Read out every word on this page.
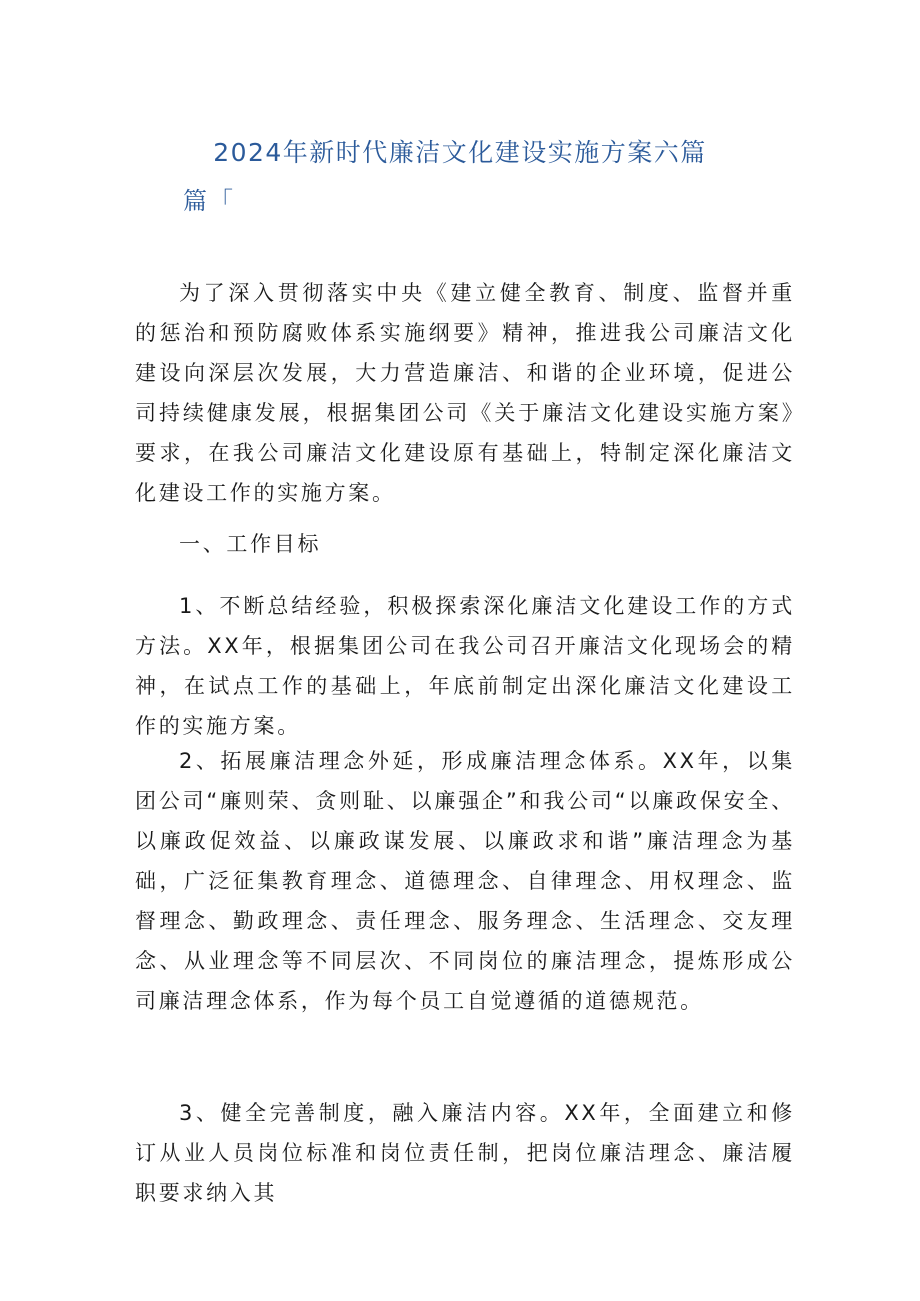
2024年新时代廉洁文化建设实施方案六篇
篇「

为了深入贯彻落实中央《建立健全教育、制度、监督并重的惩治和预防腐败体系实施纲要》精神，推进我公司廉洁文化建设向深层次发展，大力营造廉洁、和谐的企业环境，促进公司持续健康发展，根据集团公司《关于廉洁文化建设实施方案》要求，在我公司廉洁文化建设原有基础上，特制定深化廉洁文化建设工作的实施方案。

一、工作目标

1、不断总结经验，积极探索深化廉洁文化建设工作的方式方法。XX年，根据集团公司在我公司召开廉洁文化现场会的精神，在试点工作的基础上，年底前制定出深化廉洁文化建设工作的实施方案。

2、拓展廉洁理念外延，形成廉洁理念体系。XX年，以集团公司“廉则荣、贪则耻、以廉强企”和我公司“以廉政保安全、以廉政促效益、以廉政谋发展、以廉政求和谐”廉洁理念为基础，广泛征集教育理念、道德理念、自律理念、用权理念、监督理念、勤政理念、责任理念、服务理念、生活理念、交友理念、从业理念等不同层次、不同岗位的廉洁理念，提炼形成公司廉洁理念体系，作为每个员工自觉遵循的道德规范。

3、健全完善制度，融入廉洁内容。XX年，全面建立和修订从业人员岗位标准和岗位责任制，把岗位廉洁理念、廉洁履职要求纳入其
